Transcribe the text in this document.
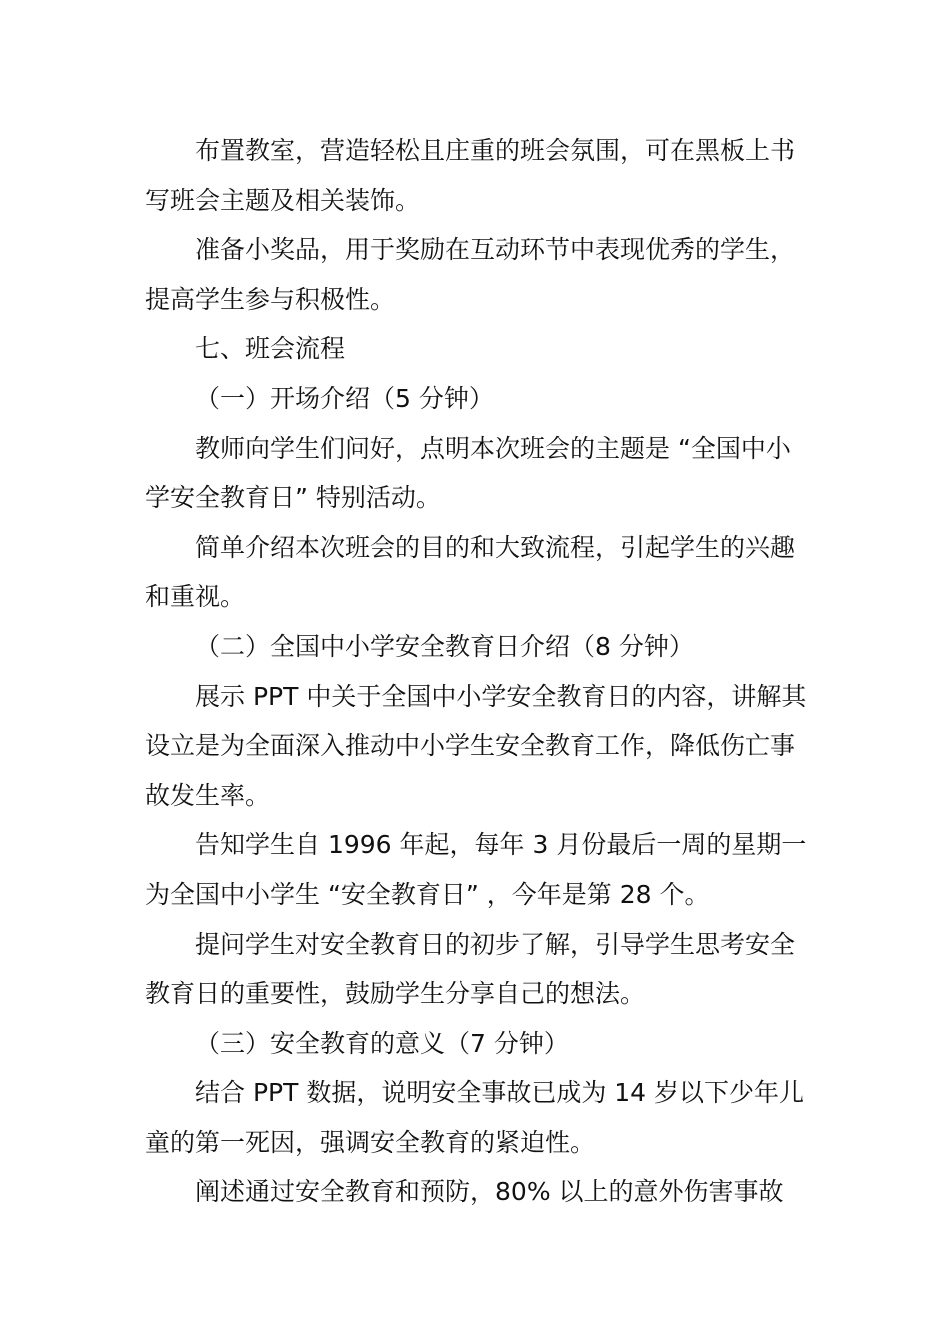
布置教室，营造轻松且庄重的班会氛围，可在黑板上书写班会主题及相关装饰。

准备小奖品，用于奖励在互动环节中表现优秀的学生，提高学生参与积极性。

七、班会流程

（一）开场介绍（5 分钟）

教师向学生们问好，点明本次班会的主题是 “全国中小学安全教育日” 特别活动。

简单介绍本次班会的目的和大致流程，引起学生的兴趣和重视。

（二）全国中小学安全教育日介绍（8 分钟）

展示 PPT 中关于全国中小学安全教育日的内容，讲解其设立是为全面深入推动中小学生安全教育工作，降低伤亡事故发生率。

告知学生自 1996 年起，每年 3 月份最后一周的星期一为全国中小学生 “安全教育日” ，今年是第 28 个。

提问学生对安全教育日的初步了解，引导学生思考安全教育日的重要性，鼓励学生分享自己的想法。

（三）安全教育的意义（7 分钟）

结合 PPT 数据，说明安全事故已成为 14 岁以下少年儿童的第一死因，强调安全教育的紧迫性。

阐述通过安全教育和预防，80% 以上的意外伤害事故
